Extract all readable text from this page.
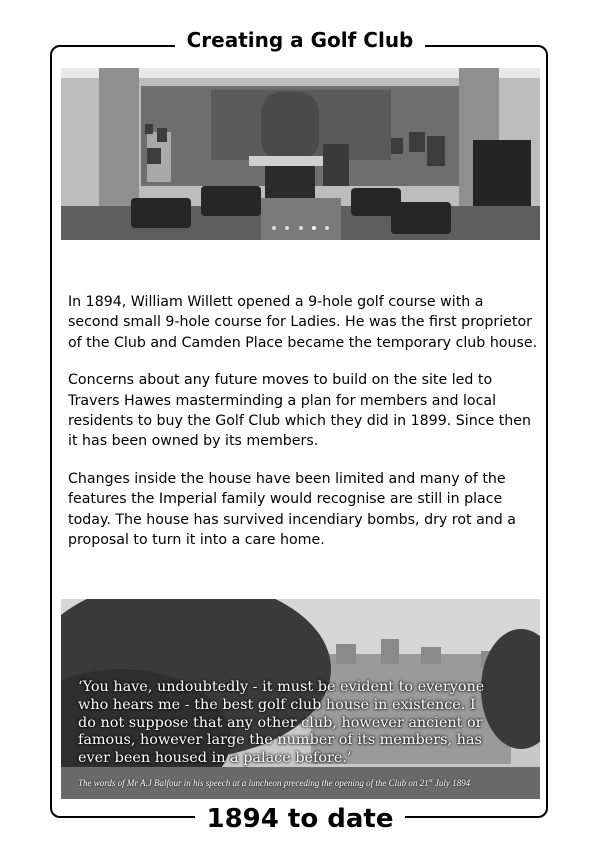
Creating a Golf Club

In 1894, William Willett opened a 9-hole golf course with a second small 9-hole course for Ladies. He was the first proprietor of the Club and Camden Place became the temporary club house.

Concerns about any future moves to build on the site led to Travers Hawes masterminding a plan for members and local residents to buy the Golf Club which they did in 1899. Since then it has been owned by its members.

Changes inside the house have been limited and many of the features the Imperial family would recognise are still in place today. The house has survived incendiary bombs, dry rot and a proposal to turn it into a care home.

‘You have, undoubtedly - it must be evident to everyone who hears me - the best golf club house in existence. I do not suppose that any other club, however ancient or famous, however large the number of its members, has ever been housed in a palace before.’
The words of Mr A.J Balfour in his speech at a luncheon preceding the opening of the Club on 21st July 1894
1894 to date
